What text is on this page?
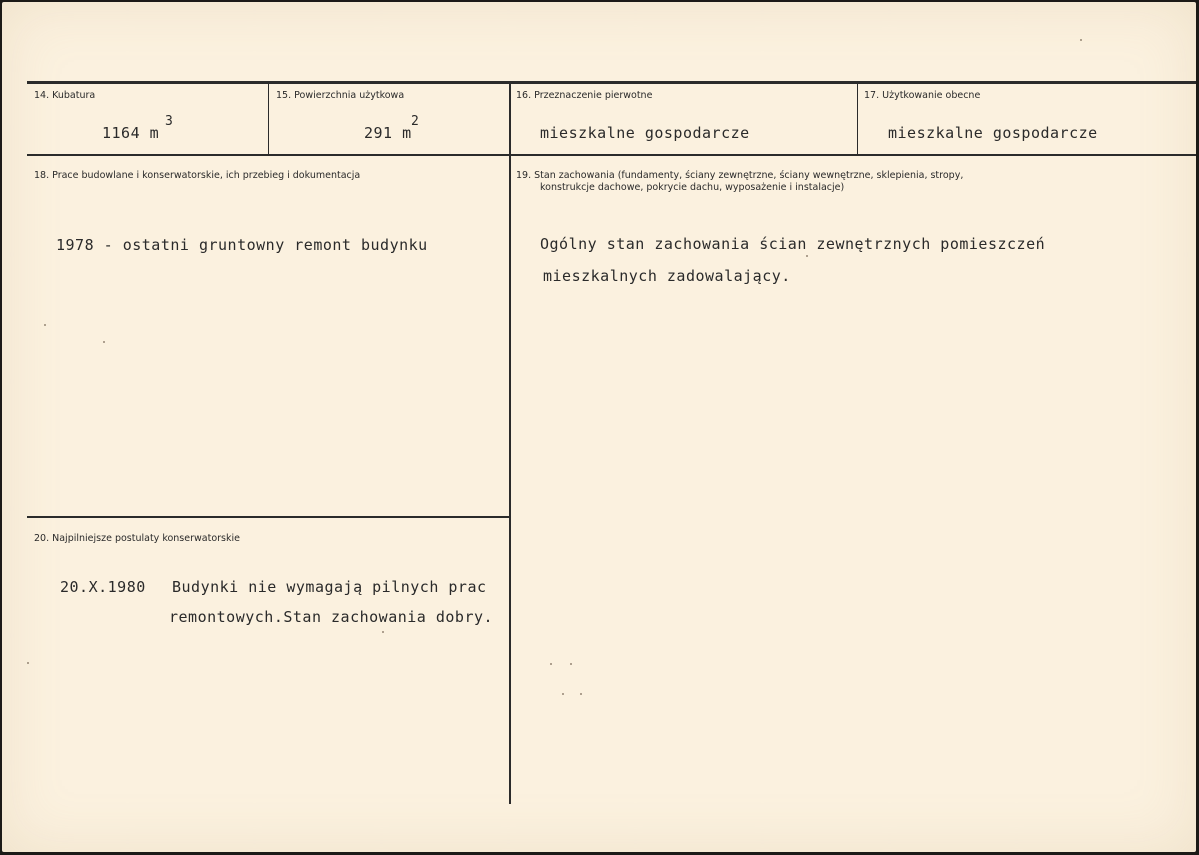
14. Kubatura
1164 m
3
15. Powierzchnia użytkowa
291 m
2
16. Przeznaczenie pierwotne
mieszkalne gospodarcze
17. Użytkowanie obecne
mieszkalne gospodarcze
18. Prace budowlane i konserwatorskie, ich przebieg i dokumentacja
1978 - ostatni gruntowny remont budynku
19. Stan zachowania (fundamenty, ściany zewnętrzne, ściany wewnętrzne, sklepienia, stropy,
konstrukcje dachowe, pokrycie dachu, wyposażenie i instalacje)
Ogólny stan zachowania ścian zewnętrznych pomieszczeń
mieszkalnych zadowalający.
20. Najpilniejsze postulaty konserwatorskie
20.X.1980 Budynki nie wymagają pilnych prac
remontowych.Stan zachowania dobry.
